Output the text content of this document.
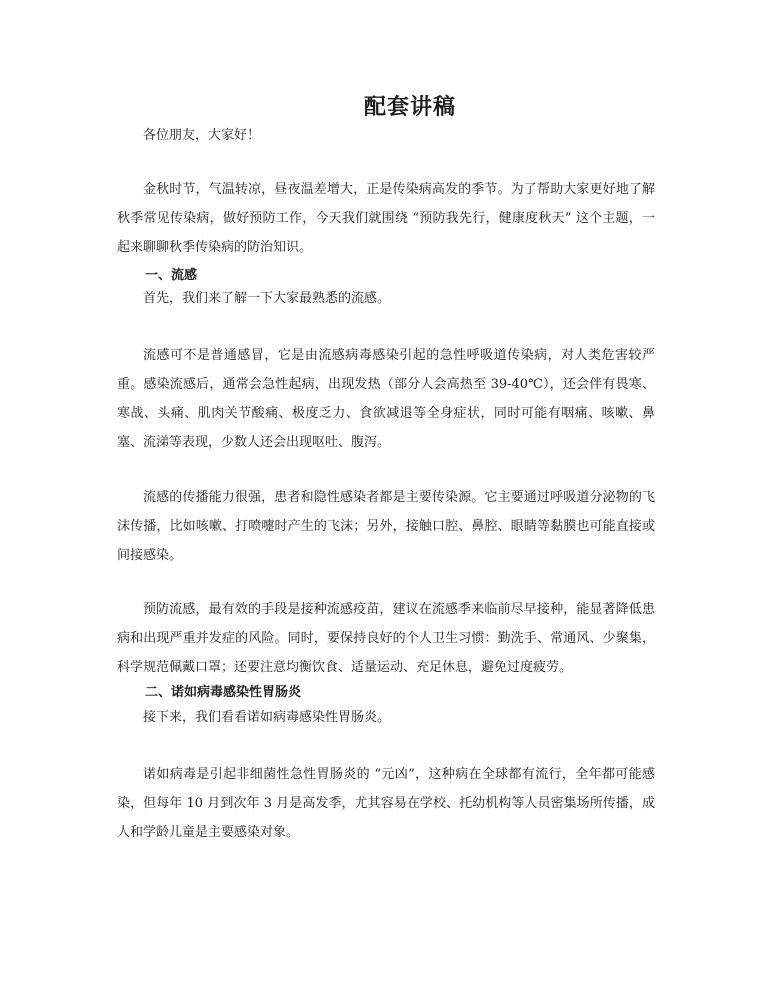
配套讲稿
各位朋友，大家好！
金秋时节，气温转凉，昼夜温差增大，正是传染病高发的季节。为了帮助大家更好地了解秋季常见传染病，做好预防工作，今天我们就围绕 “预防我先行，健康度秋天” 这个主题，一起来聊聊秋季传染病的防治知识。
一、流感
首先，我们来了解一下大家最熟悉的流感。
流感可不是普通感冒，它是由流感病毒感染引起的急性呼吸道传染病，对人类危害较严重。感染流感后，通常会急性起病，出现发热（部分人会高热至 39-40℃），还会伴有畏寒、寒战、头痛、肌肉关节酸痛、极度乏力、食欲减退等全身症状，同时可能有咽痛、咳嗽、鼻塞、流涕等表现，少数人还会出现呕吐、腹泻。
流感的传播能力很强，患者和隐性感染者都是主要传染源。它主要通过呼吸道分泌物的飞沫传播，比如咳嗽、打喷嚏时产生的飞沫；另外，接触口腔、鼻腔、眼睛等黏膜也可能直接或间接感染。
预防流感，最有效的手段是接种流感疫苗，建议在流感季来临前尽早接种，能显著降低患病和出现严重并发症的风险。同时，要保持良好的个人卫生习惯：勤洗手、常通风、少聚集，科学规范佩戴口罩；还要注意均衡饮食、适量运动、充足休息，避免过度疲劳。
二、诺如病毒感染性胃肠炎
接下来，我们看看诺如病毒感染性胃肠炎。
诺如病毒是引起非细菌性急性胃肠炎的 “元凶”，这种病在全球都有流行，全年都可能感染，但每年 10 月到次年 3 月是高发季，尤其容易在学校、托幼机构等人员密集场所传播，成人和学龄儿童是主要感染对象。
